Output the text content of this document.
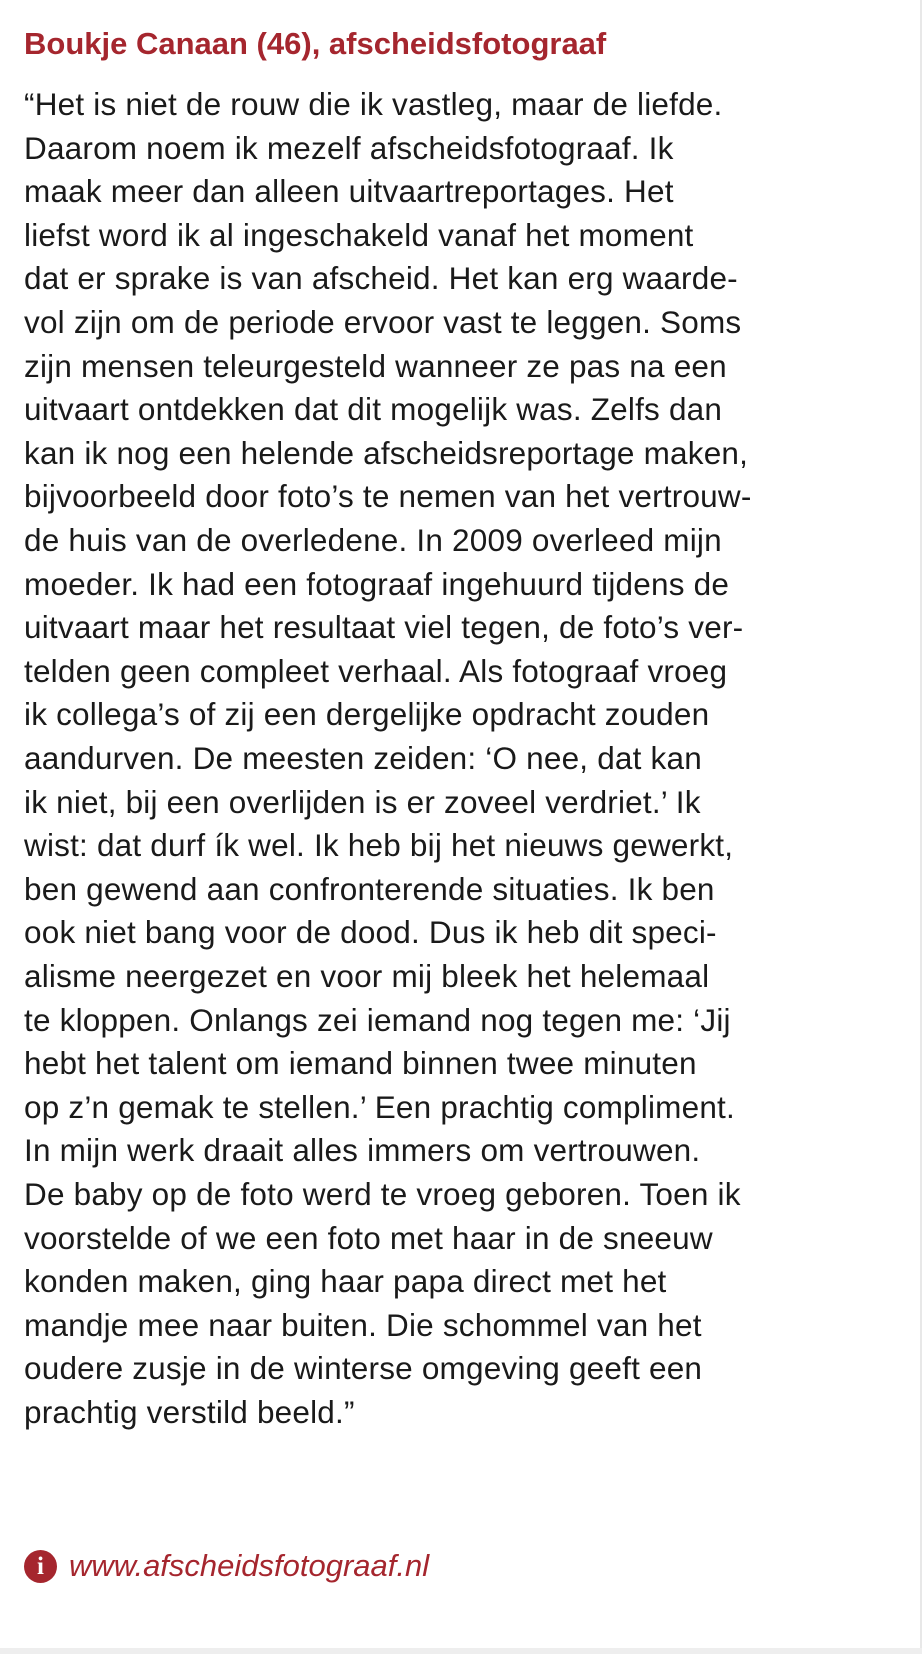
Boukje Canaan (46), afscheidsfotograaf
“Het is niet de rouw die ik vastleg, maar de liefde.
Daarom noem ik mezelf afscheidsfotograaf. Ik
maak meer dan alleen uitvaartreportages. Het
liefst word ik al ingeschakeld vanaf het moment
dat er sprake is van afscheid. Het kan erg waarde-
vol zijn om de periode ervoor vast te leggen. Soms
zijn mensen teleurgesteld wanneer ze pas na een
uitvaart ontdekken dat dit mogelijk was. Zelfs dan
kan ik nog een helende afscheidsreportage maken,
bijvoorbeeld door foto’s te nemen van het vertrouw-
de huis van de overledene. In 2009 overleed mijn
moeder. Ik had een fotograaf ingehuurd tijdens de
uitvaart maar het resultaat viel tegen, de foto’s ver-
telden geen compleet verhaal. Als fotograaf vroeg
ik collega’s of zij een dergelijke opdracht zouden
aandurven. De meesten zeiden: ‘O nee, dat kan
ik niet, bij een overlijden is er zoveel verdriet.’ Ik
wist: dat durf ík wel. Ik heb bij het nieuws gewerkt,
ben gewend aan confronterende situaties. Ik ben
ook niet bang voor de dood. Dus ik heb dit speci-
alisme neergezet en voor mij bleek het helemaal
te kloppen. Onlangs zei iemand nog tegen me: ‘Jij
hebt het talent om iemand binnen twee minuten
op z’n gemak te stellen.’ Een prachtig compliment.
In mijn werk draait alles immers om vertrouwen.
De baby op de foto werd te vroeg geboren. Toen ik
voorstelde of we een foto met haar in de sneeuw
konden maken, ging haar papa direct met het
mandje mee naar buiten. Die schommel van het
oudere zusje in de winterse omgeving geeft een
prachtig verstild beeld.”
i www.afscheidsfotograaf.nl
